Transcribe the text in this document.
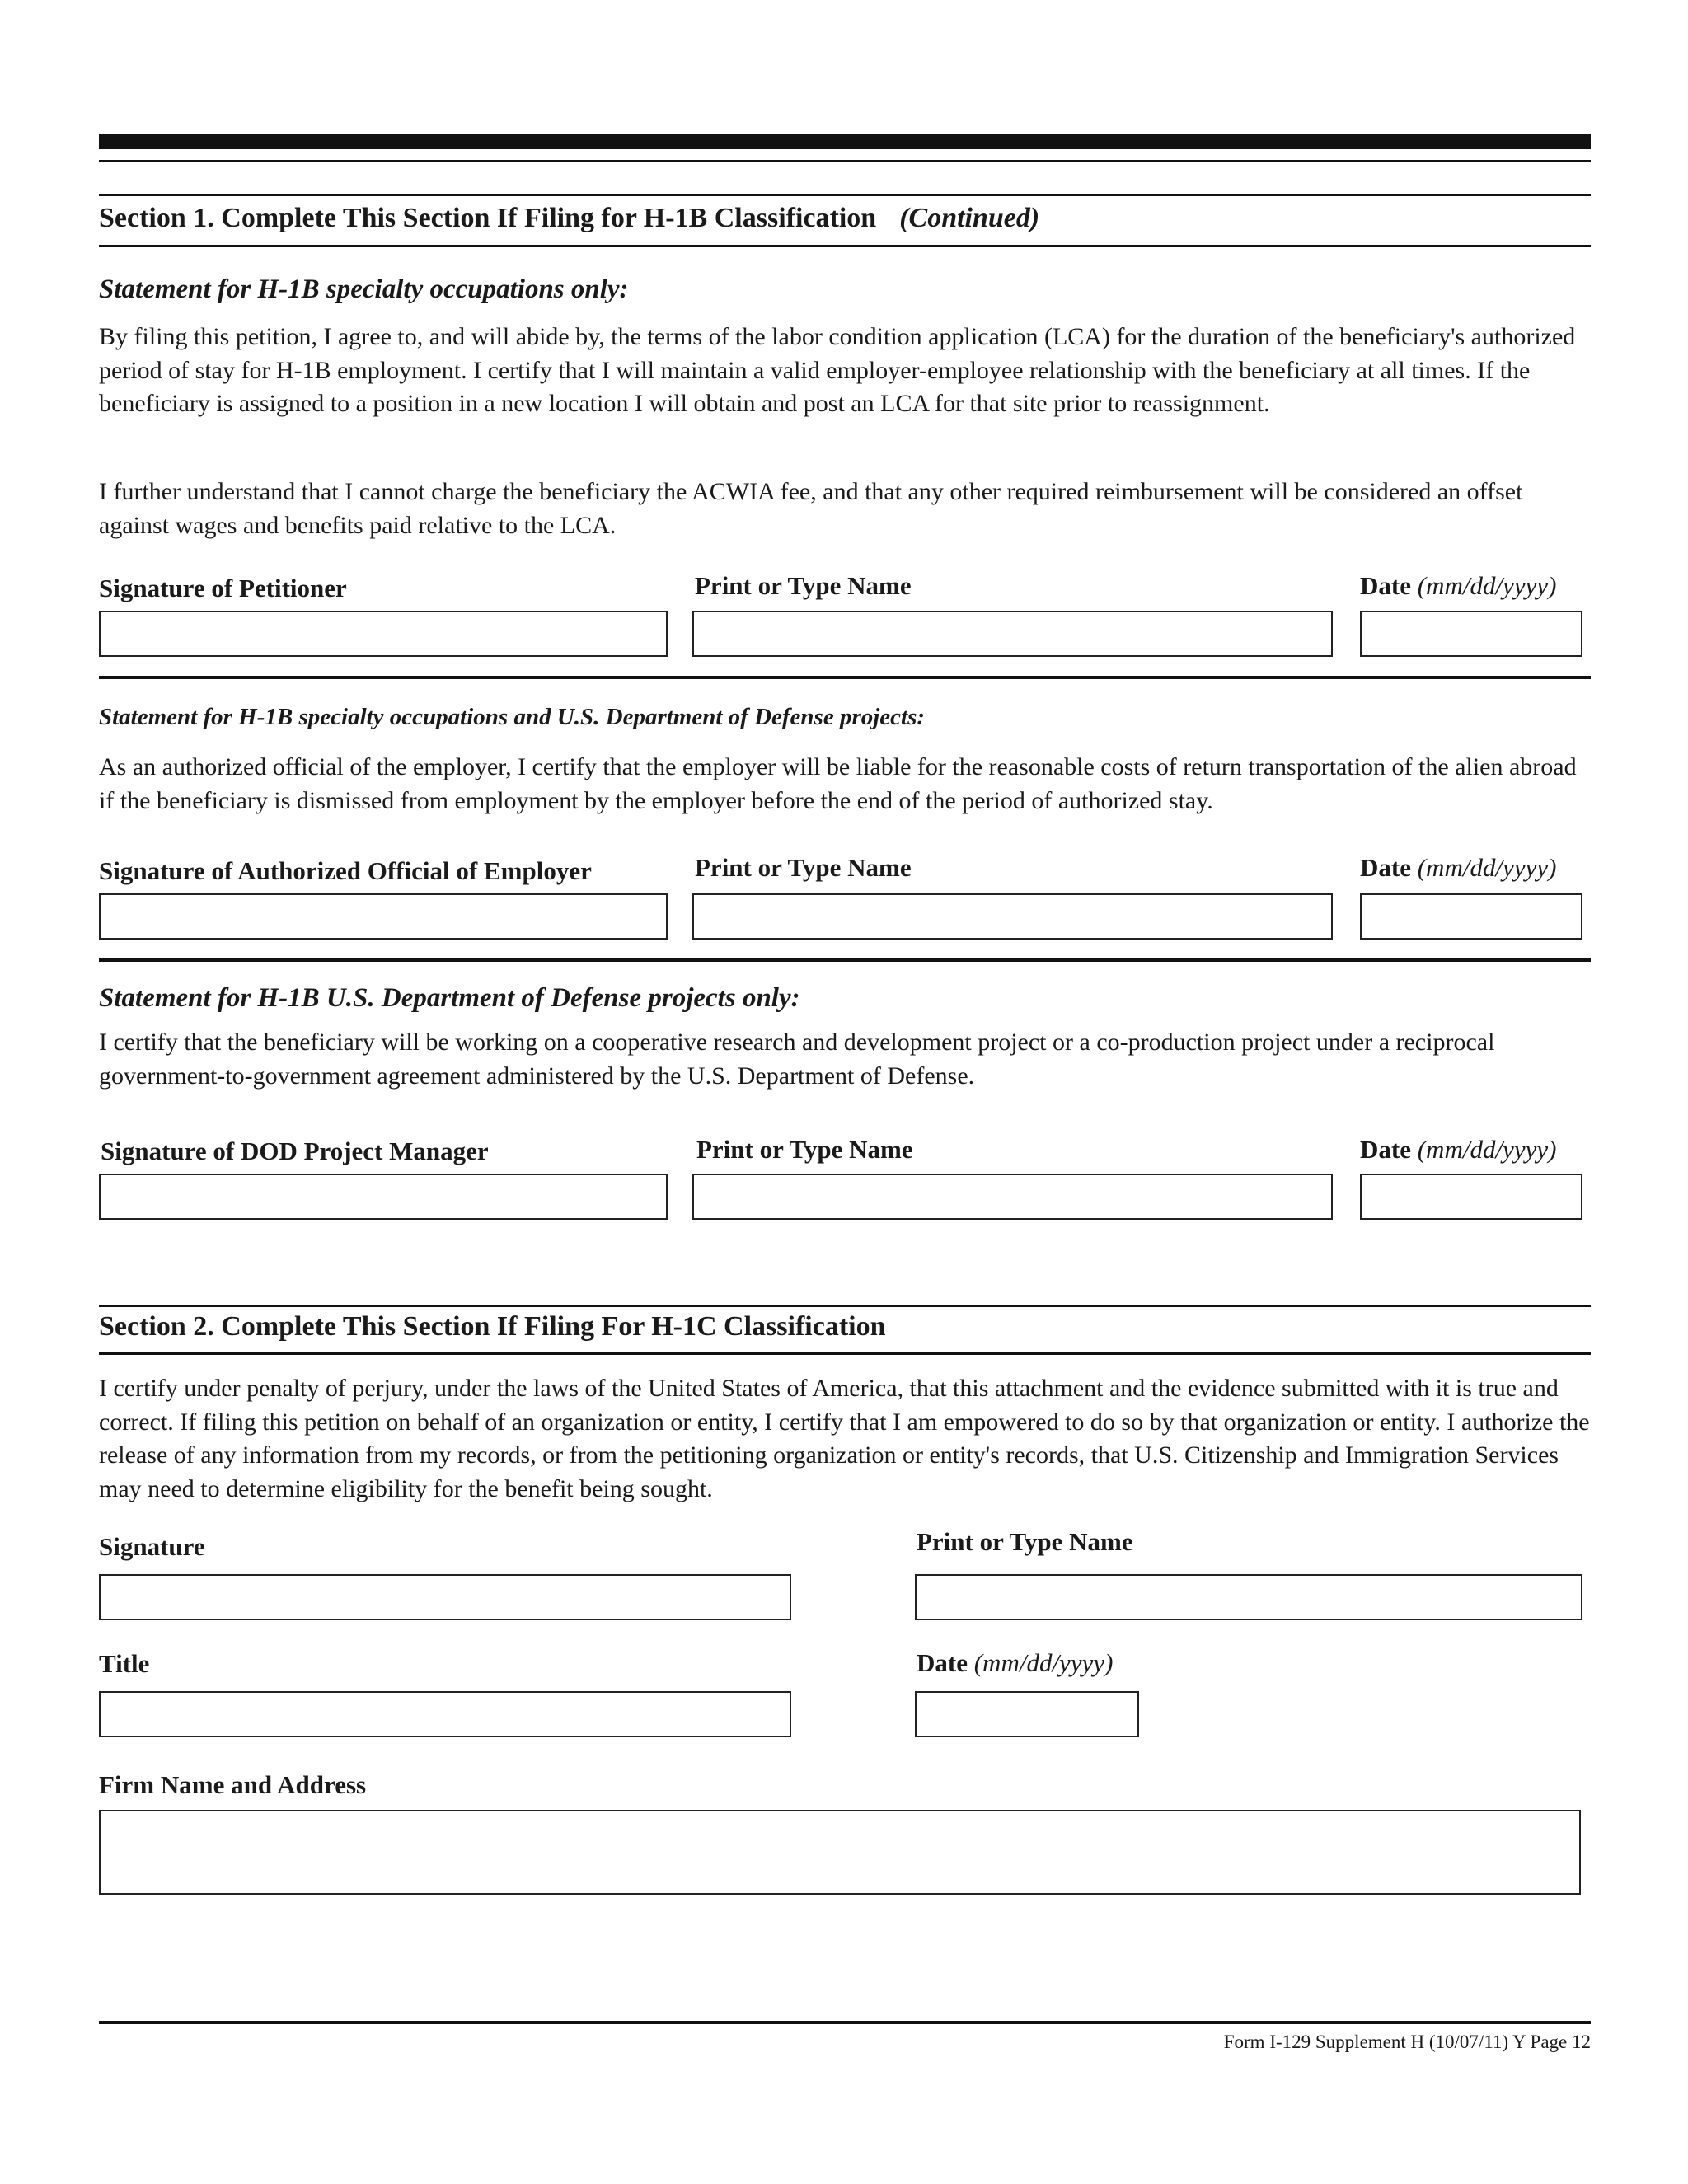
Section 1. Complete This Section If Filing for H-1B Classification (Continued)
Statement for H-1B specialty occupations only:

By filing this petition, I agree to, and will abide by, the terms of the labor condition application (LCA) for the duration of the beneficiary's authorized period of stay for H-1B employment. I certify that I will maintain a valid employer-employee relationship with the beneficiary at all times. If the beneficiary is assigned to a position in a new location I will obtain and post an LCA for that site prior to reassignment.

I further understand that I cannot charge the beneficiary the ACWIA fee, and that any other required reimbursement will be considered an offset against wages and benefits paid relative to the LCA.

Signature of Petitioner	Print or Type Name	Date (mm/dd/yyyy)
Statement for H-1B specialty occupations and U.S. Department of Defense projects:

As an authorized official of the employer, I certify that the employer will be liable for the reasonable costs of return transportation of the alien abroad if the beneficiary is dismissed from employment by the employer before the end of the period of authorized stay.

Signature of Authorized Official of Employer	Print or Type Name	Date (mm/dd/yyyy)
Statement for H-1B U.S. Department of Defense projects only:

I certify that the beneficiary will be working on a cooperative research and development project or a co-production project under a reciprocal government-to-government agreement administered by the U.S. Department of Defense.

Signature of DOD Project Manager	Print or Type Name	Date (mm/dd/yyyy)
Section 2. Complete This Section If Filing For H-1C Classification

I certify under penalty of perjury, under the laws of the United States of America, that this attachment and the evidence submitted with it is true and correct. If filing this petition on behalf of an organization or entity, I certify that I am empowered to do so by that organization or entity. I authorize the release of any information from my records, or from the petitioning organization or entity's records, that U.S. Citizenship and Immigration Services may need to determine eligibility for the benefit being sought.

Signature	Print or Type Name
Title	Date (mm/dd/yyyy)
Firm Name and Address
Form I-129 Supplement H (10/07/11) Y Page 12
